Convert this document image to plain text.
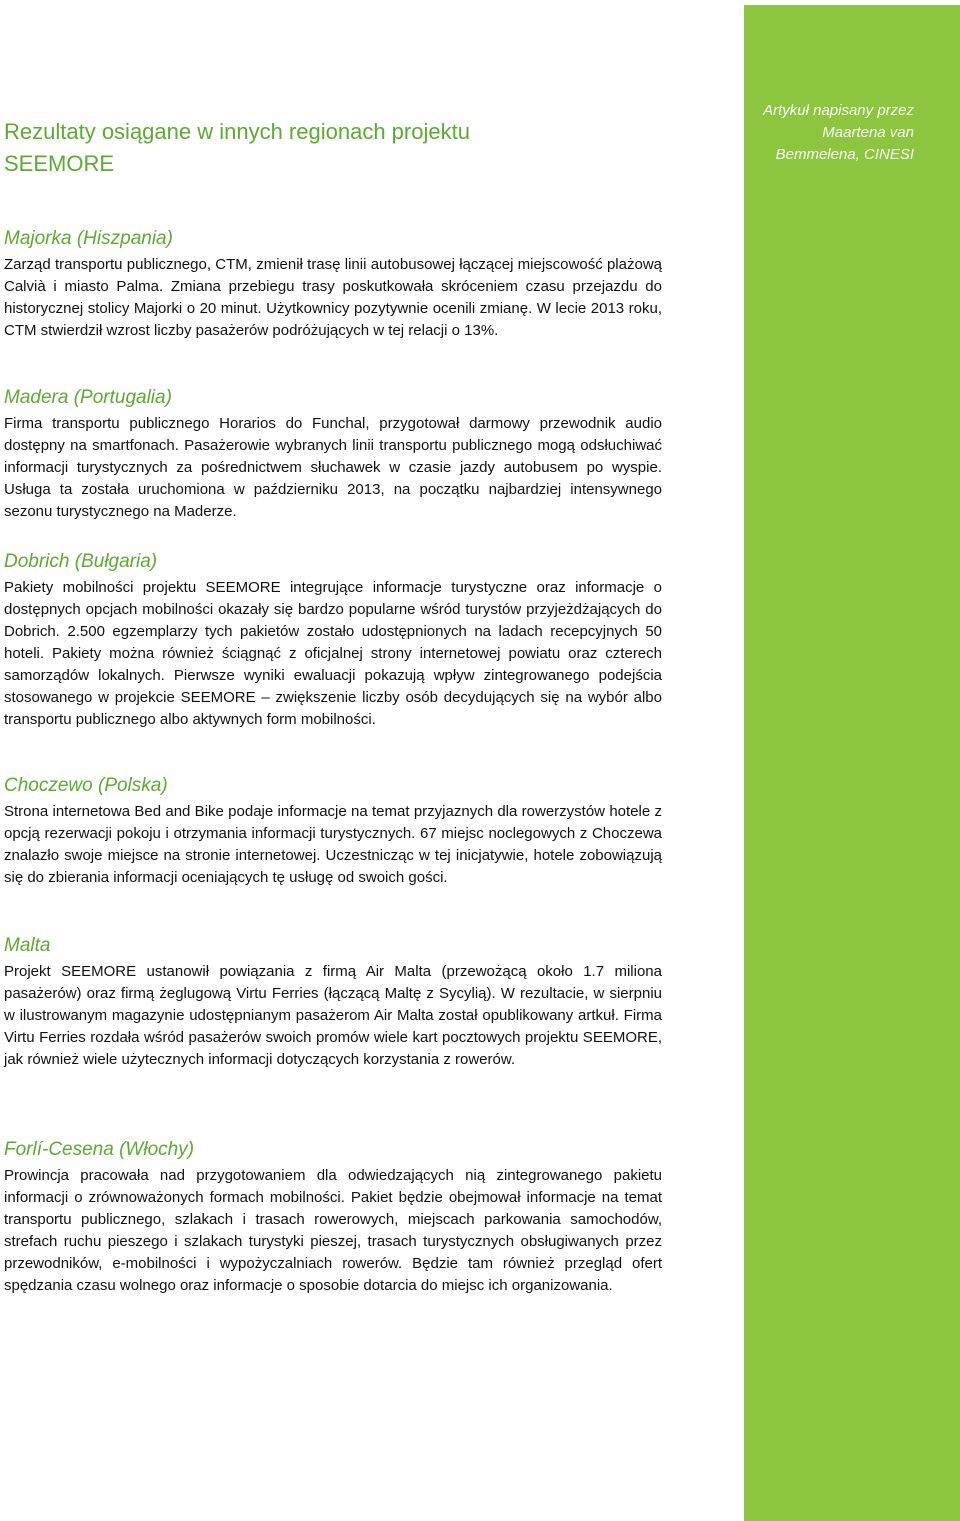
Artykuł napisany przez Maartena van Bemmelena, CINESI
Rezultaty osiągane w innych regionach projektu SEEMORE
Majorka (Hiszpania)

Zarząd transportu publicznego, CTM, zmienił trasę linii autobusowej łączącej miejscowość plażową Calvià i miasto Palma. Zmiana przebiegu trasy poskutkowała skróceniem czasu przejazdu do historycznej stolicy Majorki o 20 minut. Użytkownicy pozytywnie ocenili zmianę. W lecie 2013 roku, CTM stwierdził wzrost liczby pasażerów podróżujących w tej relacji o 13%.

Madera (Portugalia)

Firma transportu publicznego Horarios do Funchal, przygotował darmowy przewodnik audio dostępny na smartfonach. Pasażerowie wybranych linii transportu publicznego mogą odsłuchiwać informacji turystycznych za pośrednictwem słuchawek w czasie jazdy autobusem po wyspie. Usługa ta została uruchomiona w październiku 2013, na początku najbardziej intensywnego sezonu turystycznego na Maderze.

Dobrich (Bułgaria)

Pakiety mobilności projektu SEEMORE integrujące informacje turystyczne oraz informacje o dostępnych opcjach mobilności okazały się bardzo popularne wśród turystów przyjeżdżających do Dobrich. 2.500 egzemplarzy tych pakietów zostało udostępnionych na ladach recepcyjnych 50 hoteli. Pakiety można również ściągnąć z oficjalnej strony internetowej powiatu oraz czterech samorządów lokalnych. Pierwsze wyniki ewaluacji pokazują wpływ zintegrowanego podejścia stosowanego w projekcie SEEMORE – zwiększenie liczby osób decydujących się na wybór albo transportu publicznego albo aktywnych form mobilności.

Choczewo (Polska)

Strona internetowa Bed and Bike podaje informacje na temat przyjaznych dla rowerzystów hotele z opcją rezerwacji pokoju i otrzymania informacji turystycznych. 67 miejsc noclegowych z Choczewa znalazło swoje miejsce na stronie internetowej. Uczestnicząc w tej inicjatywie, hotele zobowiązują się do zbierania informacji oceniających tę usługę od swoich gości.

Malta

Projekt SEEMORE ustanowił powiązania z firmą Air Malta (przewożącą około 1.7 miliona pasażerów) oraz firmą żeglugową Virtu Ferries (łączącą Maltę z Sycylią). W rezultacie, w sierpniu w ilustrowanym magazynie udostępnianym pasażerom Air Malta został opublikowany artkuł. Firma Virtu Ferries rozdała wśród pasażerów swoich promów wiele kart pocztowych projektu SEEMORE, jak również wiele użytecznych informacji dotyczących korzystania z rowerów.

Forlí-Cesena (Włochy)

Prowincja pracowała nad przygotowaniem dla odwiedzających nią zintegrowanego pakietu informacji o zrównoważonych formach mobilności. Pakiet będzie obejmował informacje na temat transportu publicznego, szlakach i trasach rowerowych, miejscach parkowania samochodów, strefach ruchu pieszego i szlakach turystyki pieszej, trasach turystycznych obsługiwanych przez przewodników, e-mobilności i wypożyczalniach rowerów. Będzie tam również przegląd ofert spędzania czasu wolnego oraz informacje o sposobie dotarcia do miejsc ich organizowania.
